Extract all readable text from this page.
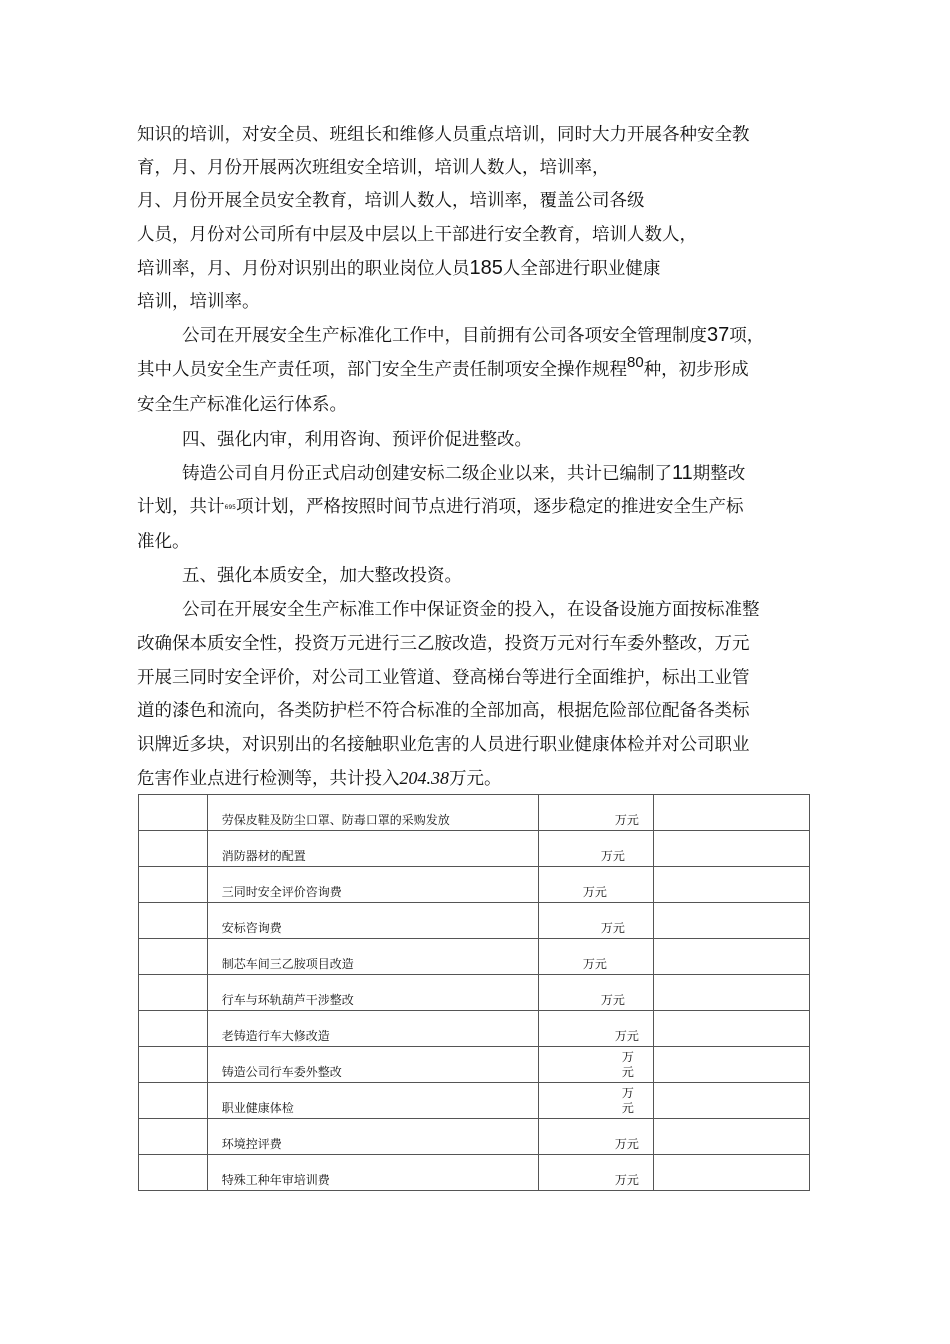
知识的培训，对安全员、班组长和维修人员重点培训，同时大力开展各种安全教
育，月、月份开展两次班组安全培训，培训人数人，培训率，
月、月份开展全员安全教育，培训人数人，培训率，覆盖公司各级
人员，月份对公司所有中层及中层以上干部进行安全教育，培训人数人，
培训率，月、月份对识别出的职业岗位人员185人全部进行职业健康
培训，培训率。
公司在开展安全生产标准化工作中，目前拥有公司各项安全管理制度37项，
其中人员安全生产责任项，部门安全生产责任制项安全操作规程80种，初步形成
安全生产标准化运行体系。
四、强化内审，利用咨询、预评价促进整改。
铸造公司自月份正式启动创建安标二级企业以来，共计已编制了11期整改
计划，共计695项计划，严格按照时间节点进行消项，逐步稳定的推进安全生产标
准化。
五、强化本质安全，加大整改投资。
公司在开展安全生产标准工作中保证资金的投入，在设备设施方面按标准整
改确保本质安全性，投资万元进行三乙胺改造，投资万元对行车委外整改，万元
开展三同时安全评价，对公司工业管道、登高梯台等进行全面维护，标出工业管
道的漆色和流向，各类防护栏不符合标准的全部加高，根据危险部位配备各类标
识牌近多块，对识别出的名接触职业危害的人员进行职业健康体检并对公司职业
危害作业点进行检测等，共计投入204.38万元。
	劳保皮鞋及防尘口罩、防毒口罩的采购发放	万元	
	消防器材的配置	万元	
	三同时安全评价咨询费	万元	
	安标咨询费	万元	
	制芯车间三乙胺项目改造	万元	
	行车与环轨葫芦干涉整改	万元	
	老铸造行车大修改造	万元	
	铸造公司行车委外整改	万元	
	职业健康体检	万元	
	环境控评费	万元	
	特殊工种年审培训费	万元	
